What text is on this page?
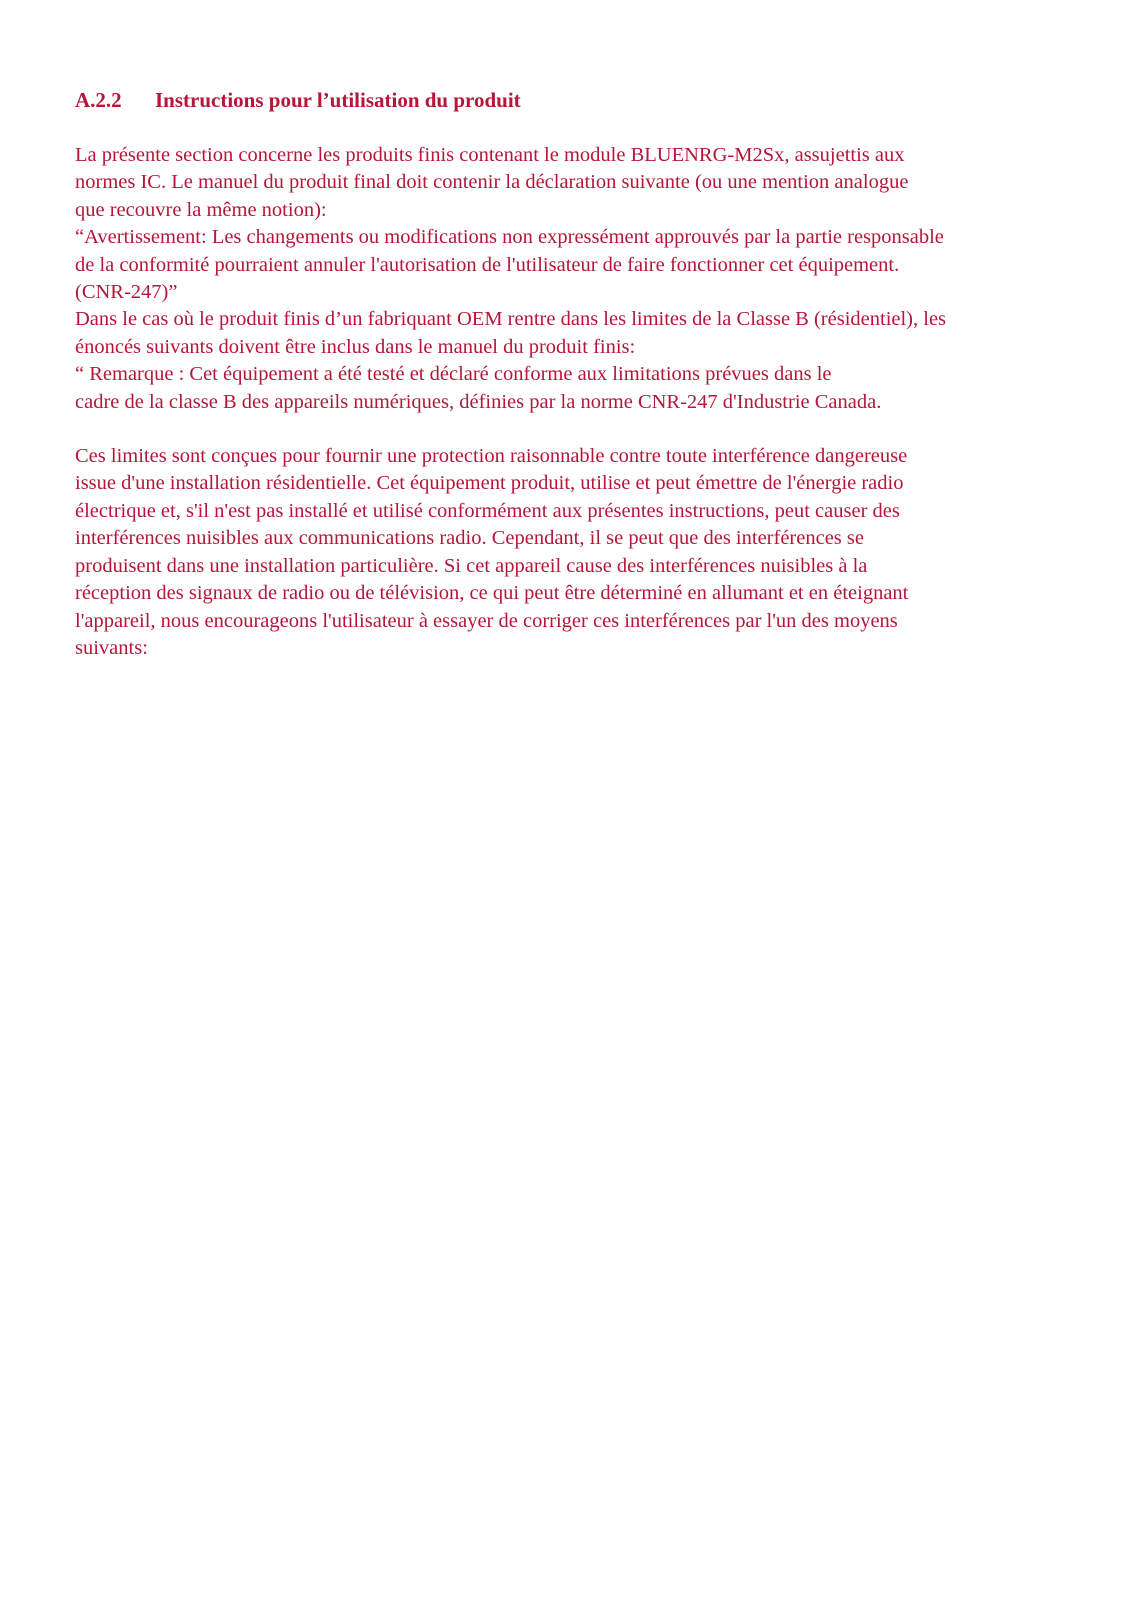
A.2.2	Instructions pour l’utilisation du produit
La présente section concerne les produits finis contenant le module BLUENRG-M2Sx, assujettis aux
normes IC. Le manuel du produit final doit contenir la déclaration suivante (ou une mention analogue
que recouvre la même notion):
“Avertissement: Les changements ou modifications non expressément approuvés par la partie responsable
de la conformité pourraient annuler l'autorisation de l'utilisateur de faire fonctionner cet équipement.
(CNR-247)”
Dans le cas où le produit finis d’un fabriquant OEM rentre dans les limites de la Classe B (résidentiel), les
énoncés suivants doivent être inclus dans le manuel du produit finis:
“ Remarque : Cet équipement a été testé et déclaré conforme aux limitations prévues dans le
cadre de la classe B des appareils numériques, définies par la norme CNR-247 d'Industrie Canada.
Ces limites sont conçues pour fournir une protection raisonnable contre toute interférence dangereuse
issue d'une installation résidentielle. Cet équipement produit, utilise et peut émettre de l'énergie radio
électrique et, s'il n'est pas installé et utilisé conformément aux présentes instructions, peut causer des
interférences nuisibles aux communications radio. Cependant, il se peut que des interférences se
produisent dans une installation particulière. Si cet appareil cause des interférences nuisibles à la
réception des signaux de radio ou de télévision, ce qui peut être déterminé en allumant et en éteignant
l'appareil, nous encourageons l'utilisateur à essayer de corriger ces interférences par l'un des moyens
suivants:
